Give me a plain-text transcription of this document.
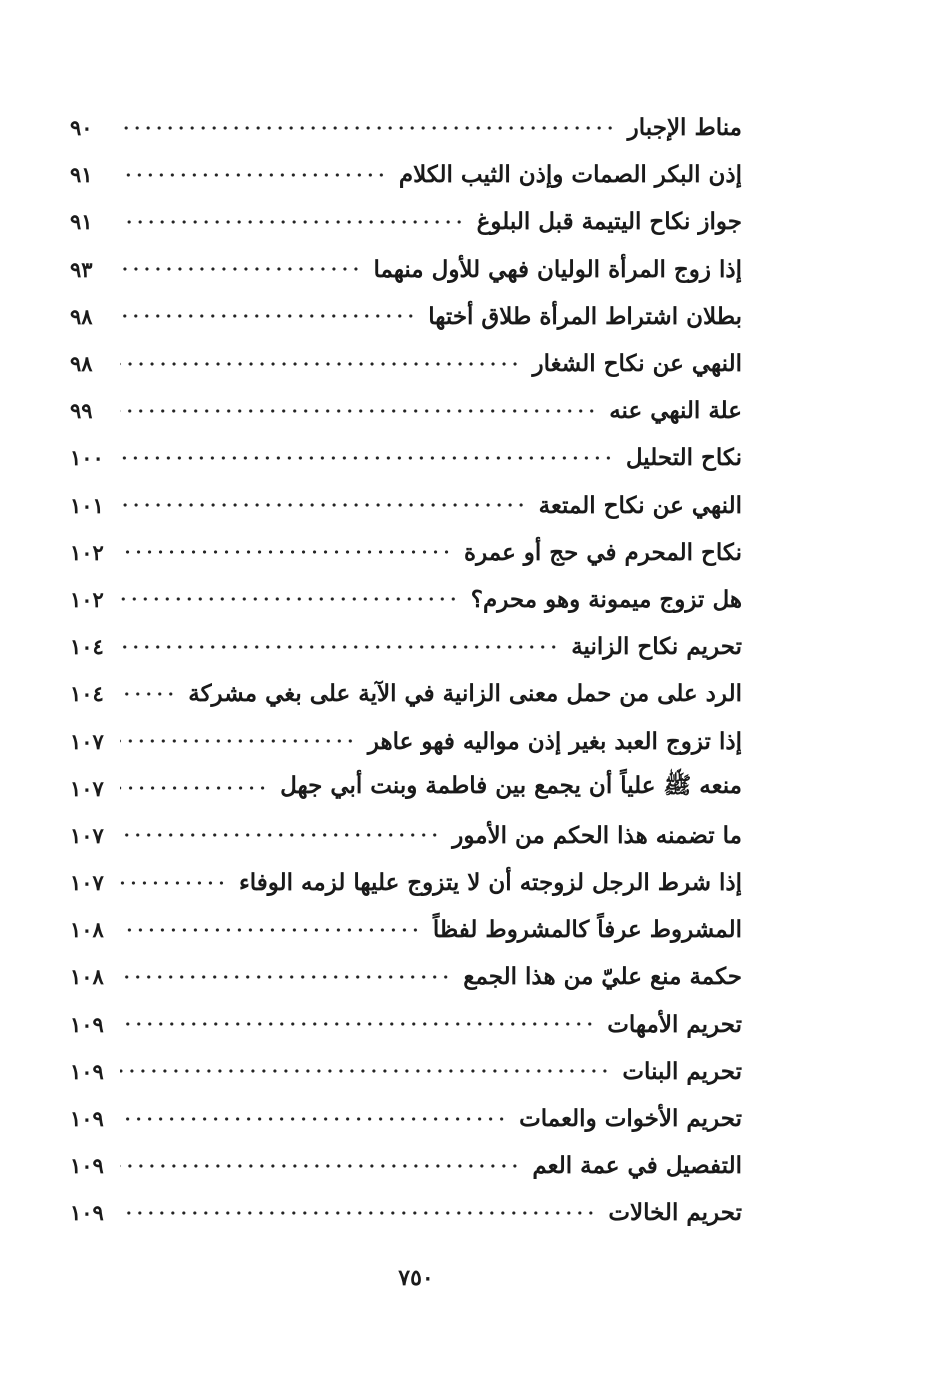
مناط الإجبار
٩٠
إذن البكر الصمات وإذن الثيب الكلام
٩١
جواز نكاح اليتيمة قبل البلوغ
٩١
إذا زوج المرأة الوليان فهي للأول منهما
٩٣
بطلان اشتراط المرأة طلاق أختها
٩٨
النهي عن نكاح الشغار
٩٨
علة النهي عنه
٩٩
نكاح التحليل
١٠٠
النهي عن نكاح المتعة
١٠١
نكاح المحرم في حج أو عمرة
١٠٢
هل تزوج ميمونة وهو محرم؟
١٠٢
تحريم نكاح الزانية
١٠٤
الرد على من حمل معنى الزانية في الآية على بغي مشركة
١٠٤
إذا تزوج العبد بغير إذن مواليه فهو عاهر
١٠٧
منعه ﷺ علياً أن يجمع بين فاطمة وبنت أبي جهل
١٠٧
ما تضمنه هذا الحكم من الأمور
١٠٧
إذا شرط الرجل لزوجته أن لا يتزوج عليها لزمه الوفاء
١٠٧
المشروط عرفاً كالمشروط لفظاً
١٠٨
حكمة منع عليّ من هذا الجمع
١٠٨
تحريم الأمهات
١٠٩
تحريم البنات
١٠٩
تحريم الأخوات والعمات
١٠٩
التفصيل في عمة العم
١٠٩
تحريم الخالات
١٠٩
٧٥٠
